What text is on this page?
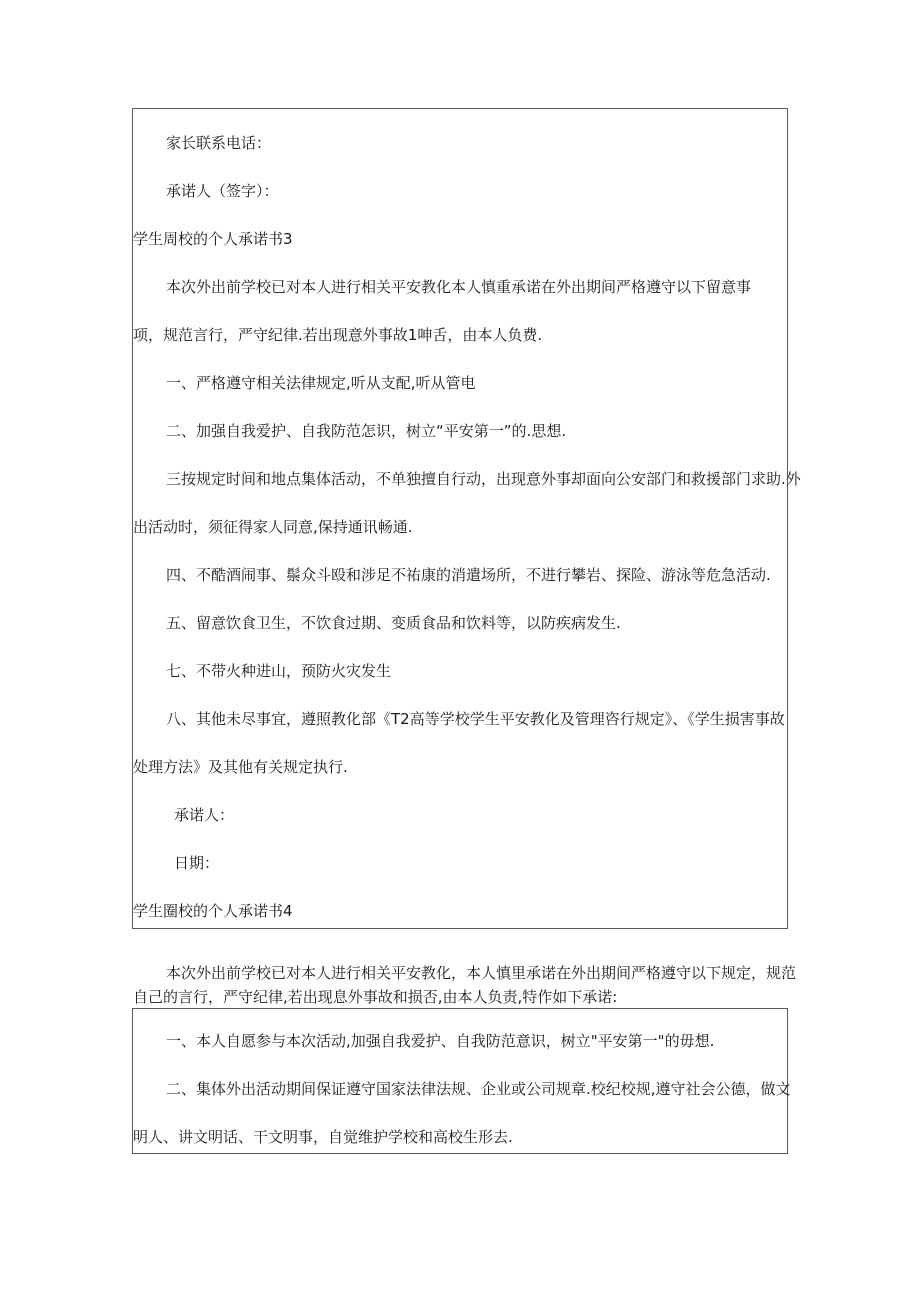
家长联系电话：
承诺人（签字）：
学生周校的个人承诺书3
本次外出前学校已对本人进行相关平安教化本人慎重承诺在外出期间严格遵守以下留意事
项，规范言行，严守纪律.若出现意外事故1呻舌，由本人负费.
一、严格遵守相关法律规定,听从支配,听从管电
二、加强自我爱护、自我防范怎识，树立“平安第一”的.思想.
三按规定时间和地点集体活动，不单独擅自行动，出现意外事却面向公安部门和救援部门求助.外
出活动时，须征得家人同意,保持通讯畅通.
四、不酷酒闹事、鬃众斗殴和涉足不祐康的消遣场所，不进行攀岩、探险、游泳等危急活动.
五、留意饮食卫生，不饮食过期、变质食品和饮料等，以防疾病发生.
七、不带火种进山，预防火灾发生
八、其他未尽事宜，遵照教化部《T2高等学校学生平安教化及管理咨行规定》、《学生损害事故
处理方法》及其他有关规定执行.
承诺人：
日期：
学生圈校的个人承诺书4
本次外出前学校已对本人进行相关平安教化，本人慎里承诺在外出期间严格遵守以下规定，规范
自己的言行，严守纪律,若出现息外事故和损否,由本人负责,特作如下承诺:
一、本人自愿参与本次活动,加强自我爱护、自我防范意识，树立"平安第一"的毋想.
二、集体外出活动期间保证遵守国家法律法规、企业或公司规章.校纪校规,遵守社会公德，做文
明人、讲文明话、干文明事，自觉维护学校和高校生形去.
